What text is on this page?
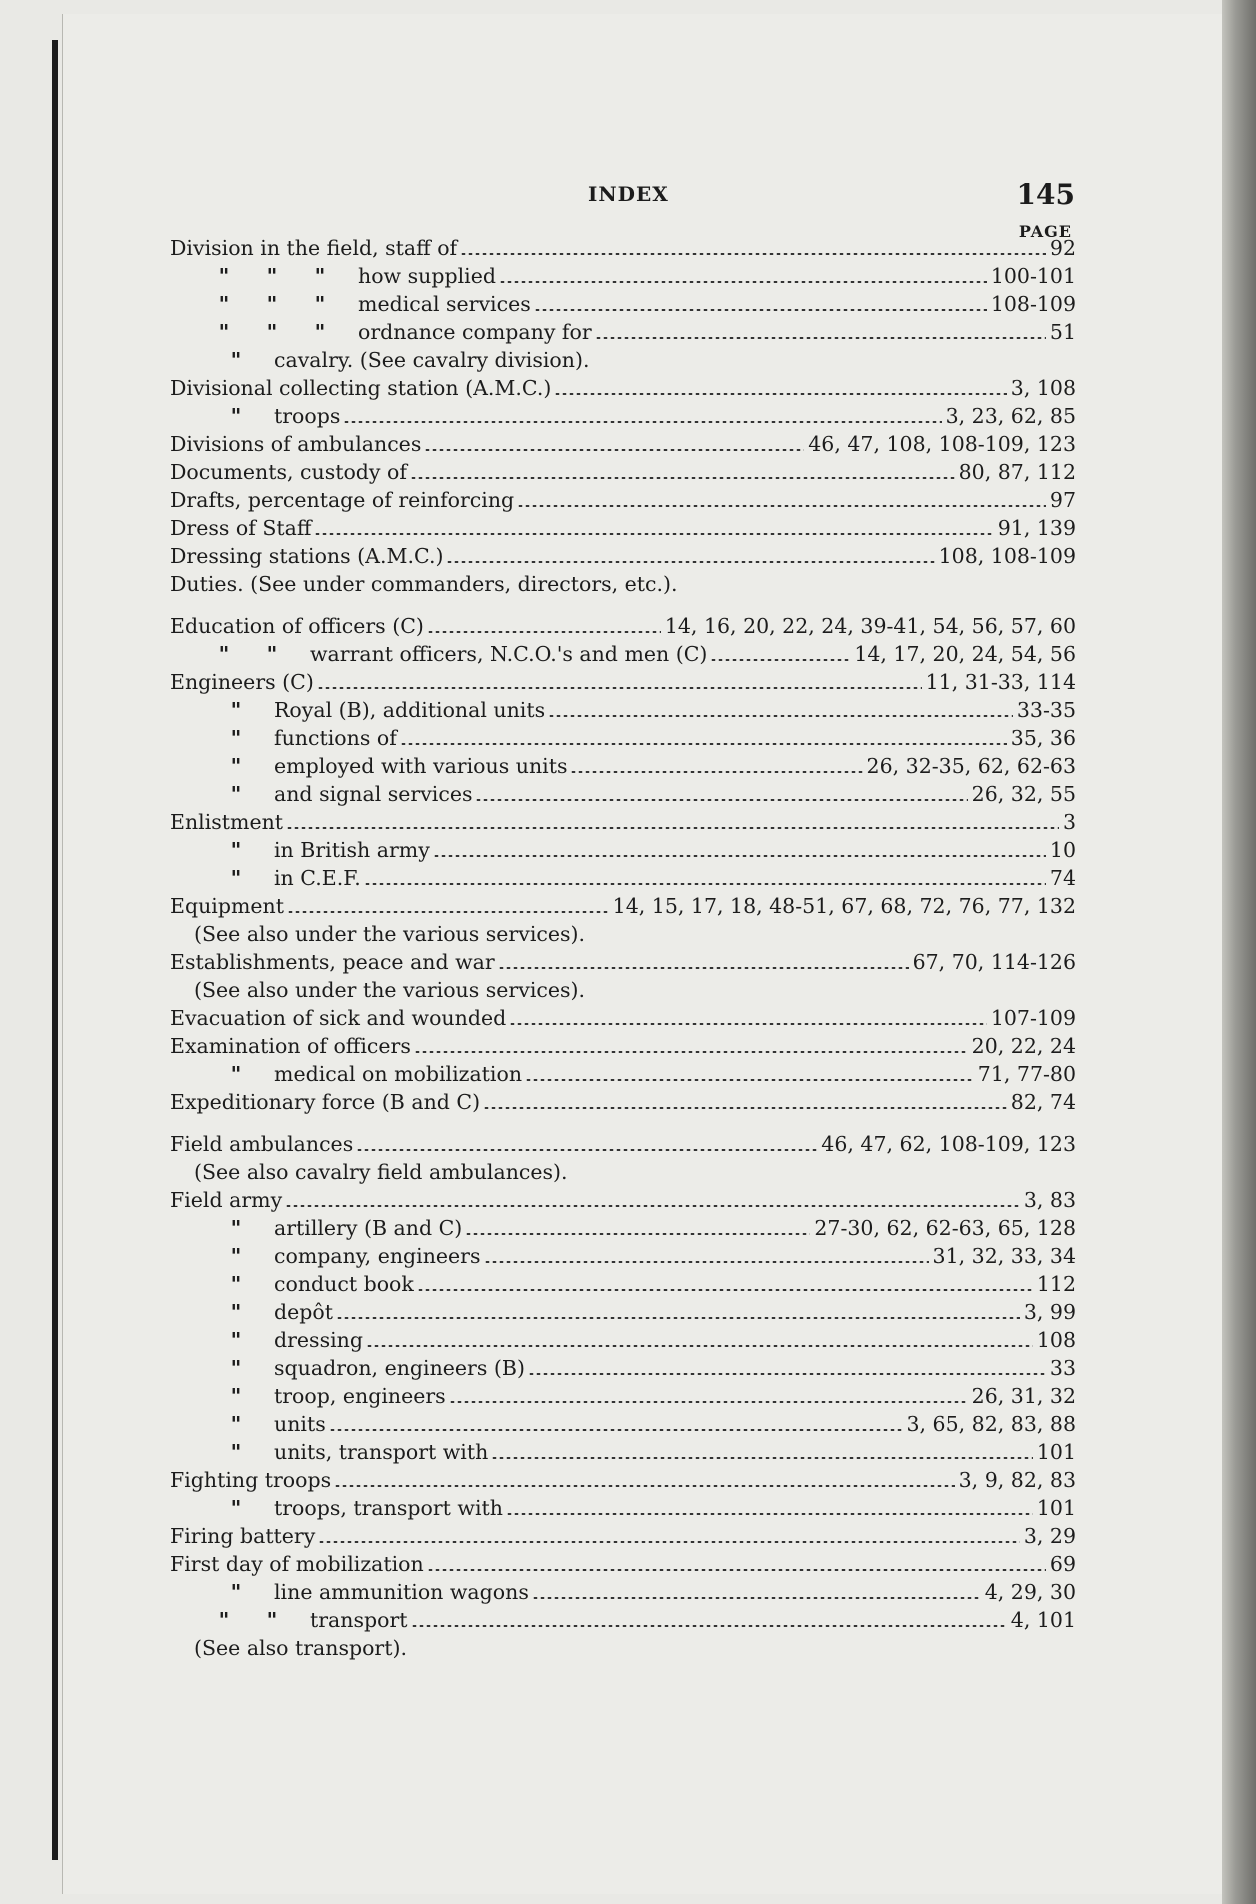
INDEX	145
PAGE
Division in the field, staff of	92
" " "	how supplied	100-101
" " "	medical services	108-109
" " "	ordnance company for	51
"	cavalry. (See cavalry division).
Divisional collecting station (A.M.C.)	3, 108
"	troops	3, 23, 62, 85
Divisions of ambulances	46, 47, 108, 108-109, 123
Documents, custody of	80, 87, 112
Drafts, percentage of reinforcing	97
Dress of Staff	91, 139
Dressing stations (A.M.C.)	108, 108-109
Duties. (See under commanders, directors, etc.).
Education of officers (C)	14, 16, 20, 22, 24, 39-41, 54, 56, 57, 60
" "	warrant officers, N.C.O.'s and men (C)	14, 17, 20, 24, 54, 56
Engineers (C)	11, 31-33, 114
"	Royal (B), additional units	33-35
"	functions of	35, 36
"	employed with various units	26, 32-35, 62, 62-63
"	and signal services	26, 32, 55
Enlistment	3
"	in British army	10
"	in C.E.F.	74
Equipment	14, 15, 17, 18, 48-51, 67, 68, 72, 76, 77, 132
(See also under the various services).
Establishments, peace and war	67, 70, 114-126
(See also under the various services).
Evacuation of sick and wounded	107-109
Examination of officers	20, 22, 24
"	medical on mobilization	71, 77-80
Expeditionary force (B and C)	82, 74
Field ambulances	46, 47, 62, 108-109, 123
(See also cavalry field ambulances).
Field army	3, 83
"	artillery (B and C)	27-30, 62, 62-63, 65, 128
"	company, engineers	31, 32, 33, 34
"	conduct book	112
"	depôt	3, 99
"	dressing	108
"	squadron, engineers (B)	33
"	troop, engineers	26, 31, 32
"	units	3, 65, 82, 83, 88
"	units, transport with	101
Fighting troops	3, 9, 82, 83
"	troops, transport with	101
Firing battery	3, 29
First day of mobilization	69
"	line ammunition wagons	4, 29, 30
" "	transport	4, 101
(See also transport).
